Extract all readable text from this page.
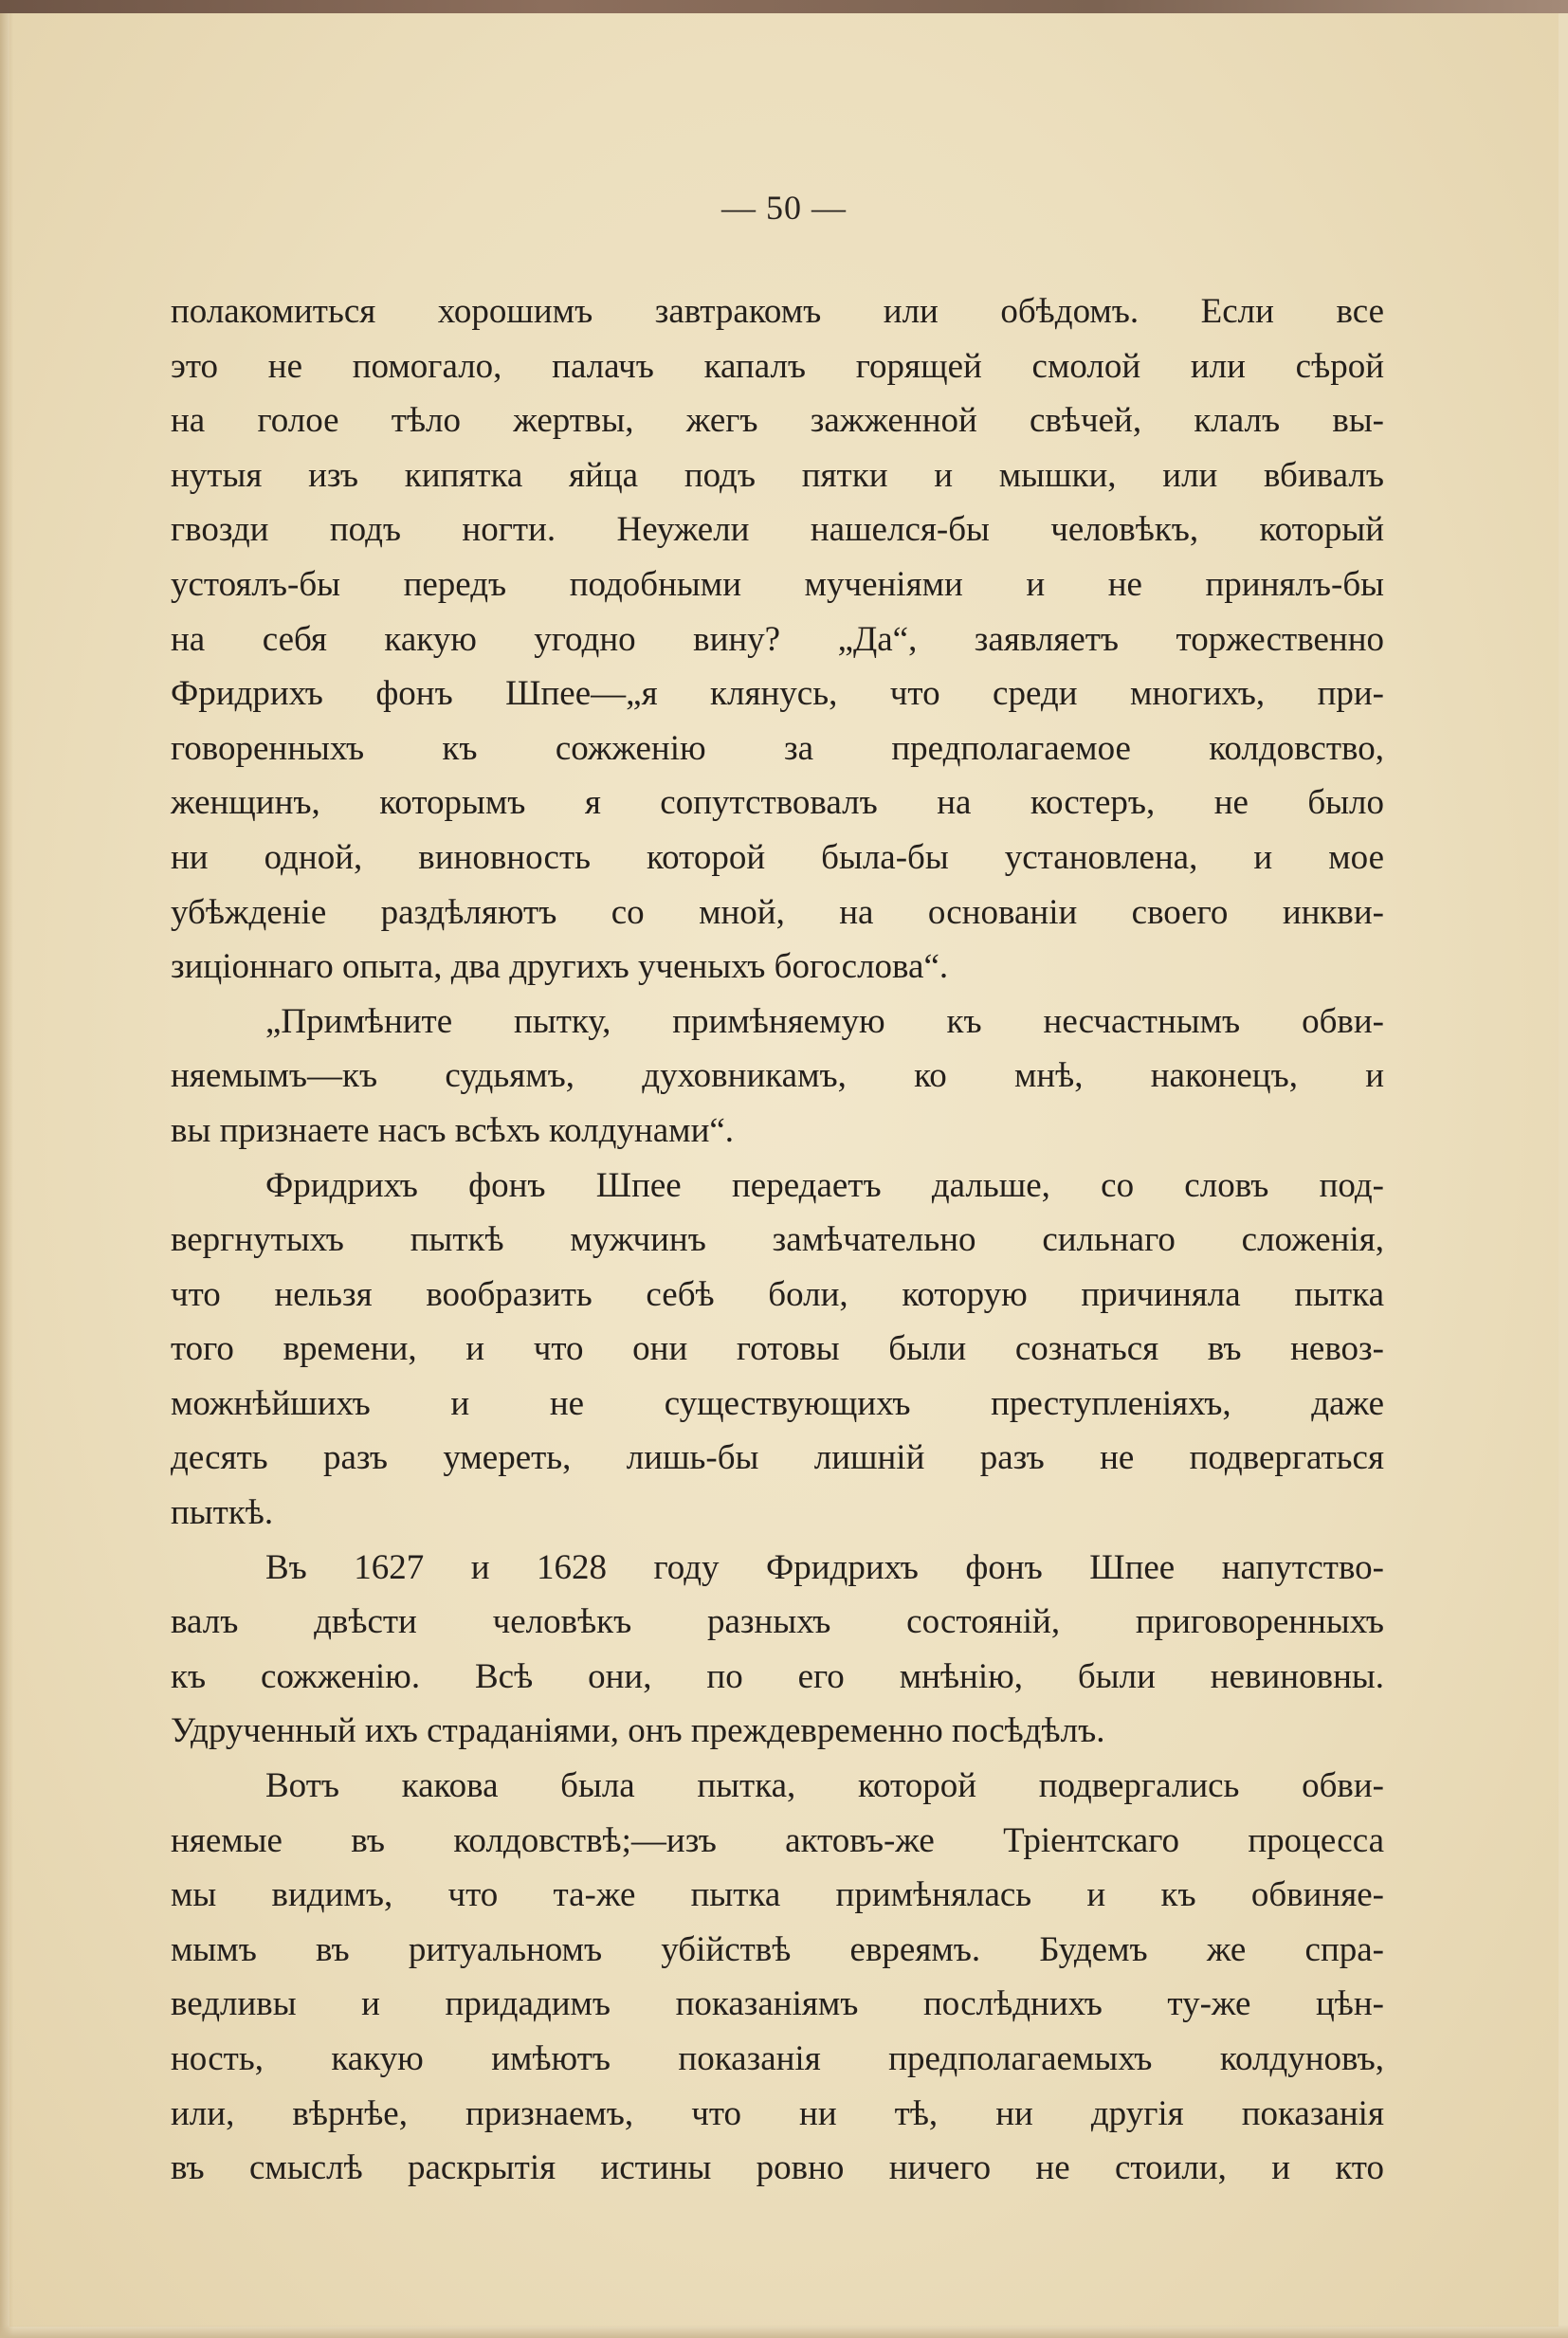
— 50 —
полакомиться хорошимъ завтракомъ или обѣдомъ. Если все
это не помогало, палачъ капалъ горящей смолой или сѣрой
на голое тѣло жертвы, жегъ зажженной свѣчей, клалъ вы-
нутыя изъ кипятка яйца подъ пятки и мышки, или вбивалъ
гвозди подъ ногти. Неужели нашелся-бы человѣкъ, который
устоялъ-бы передъ подобными мученіями и не принялъ-бы
на себя какую угодно вину? „Да“, заявляетъ торжественно
Фридрихъ фонъ Шпее—„я клянусь, что среди многихъ, при-
говоренныхъ къ сожженію за предполагаемое колдовство,
женщинъ, которымъ я сопутствовалъ на костеръ, не было
ни одной, виновность которой была-бы установлена, и мое
убѣжденіе раздѣляютъ со мной, на основаніи своего инкви-
зиціоннаго опыта, два другихъ ученыхъ богослова“.
„Примѣните пытку, примѣняемую къ несчастнымъ обви-
няемымъ—къ судьямъ, духовникамъ, ко мнѣ, наконецъ, и
вы признаете насъ всѣхъ колдунами“.
Фридрихъ фонъ Шпее передаетъ дальше, со словъ под-
вергнутыхъ пыткѣ мужчинъ замѣчательно сильнаго сложенія,
что нельзя вообразить себѣ боли, которую причиняла пытка
того времени, и что они готовы были сознаться въ невоз-
можнѣйшихъ и не существующихъ преступленіяхъ, даже
десять разъ умереть, лишь-бы лишній разъ не подвергаться
пыткѣ.
Въ 1627 и 1628 году Фридрихъ фонъ Шпее напутство-
валъ двѣсти человѣкъ разныхъ состояній, приговоренныхъ
къ сожженію. Всѣ они, по его мнѣнію, были невиновны.
Удрученный ихъ страданіями, онъ преждевременно посѣдѣлъ.
Вотъ какова была пытка, которой подвергались обви-
няемые въ колдовствѣ;—изъ актовъ-же Тріентскаго процесса
мы видимъ, что та-же пытка примѣнялась и къ обвиняе-
мымъ въ ритуальномъ убійствѣ евреямъ. Будемъ же спра-
ведливы и придадимъ показаніямъ послѣднихъ ту-же цѣн-
ность, какую имѣютъ показанія предполагаемыхъ колдуновъ,
или, вѣрнѣе, признаемъ, что ни тѣ, ни другія показанія
въ смыслѣ раскрытія истины ровно ничего не стоили, и кто
